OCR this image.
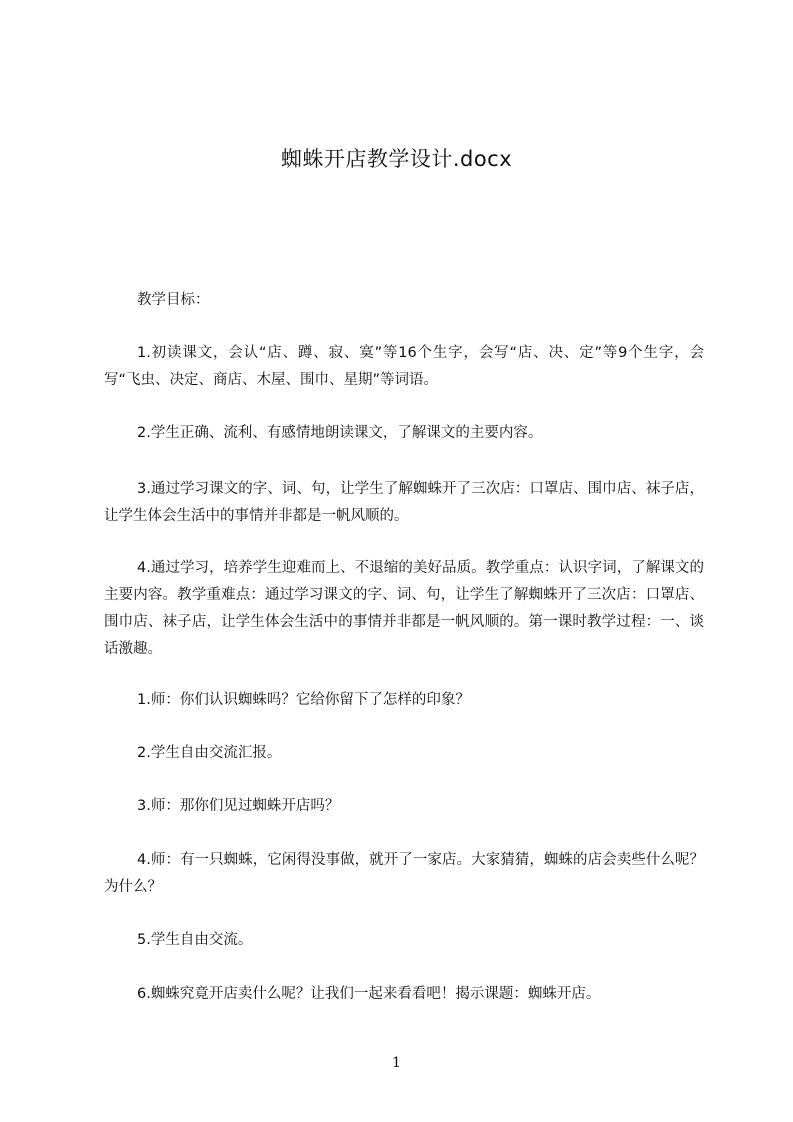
蜘蛛开店教学设计.docx

教学目标：

1.初读课文，会认“店、蹲、寂、寞”等16个生字，会写“店、决、定”等9个生字，会写“飞虫、决定、商店、木屋、围巾、星期”等词语。

2.学生正确、流利、有感情地朗读课文，了解课文的主要内容。

3.通过学习课文的字、词、句，让学生了解蜘蛛开了三次店：口罩店、围巾店、袜子店，让学生体会生活中的事情并非都是一帆风顺的。

4.通过学习，培养学生迎难而上、不退缩的美好品质。教学重点：认识字词，了解课文的主要内容。教学重难点：通过学习课文的字、词、句，让学生了解蜘蛛开了三次店：口罩店、围巾店、袜子店，让学生体会生活中的事情并非都是一帆风顺的。第一课时教学过程：一、谈话激趣。

1.师：你们认识蜘蛛吗？它给你留下了怎样的印象？

2.学生自由交流汇报。

3.师：那你们见过蜘蛛开店吗？

4.师：有一只蜘蛛，它闲得没事做，就开了一家店。大家猜猜，蜘蛛的店会卖些什么呢？为什么？

5.学生自由交流。

6.蜘蛛究竟开店卖什么呢？让我们一起来看看吧！揭示课题：蜘蛛开店。

1
